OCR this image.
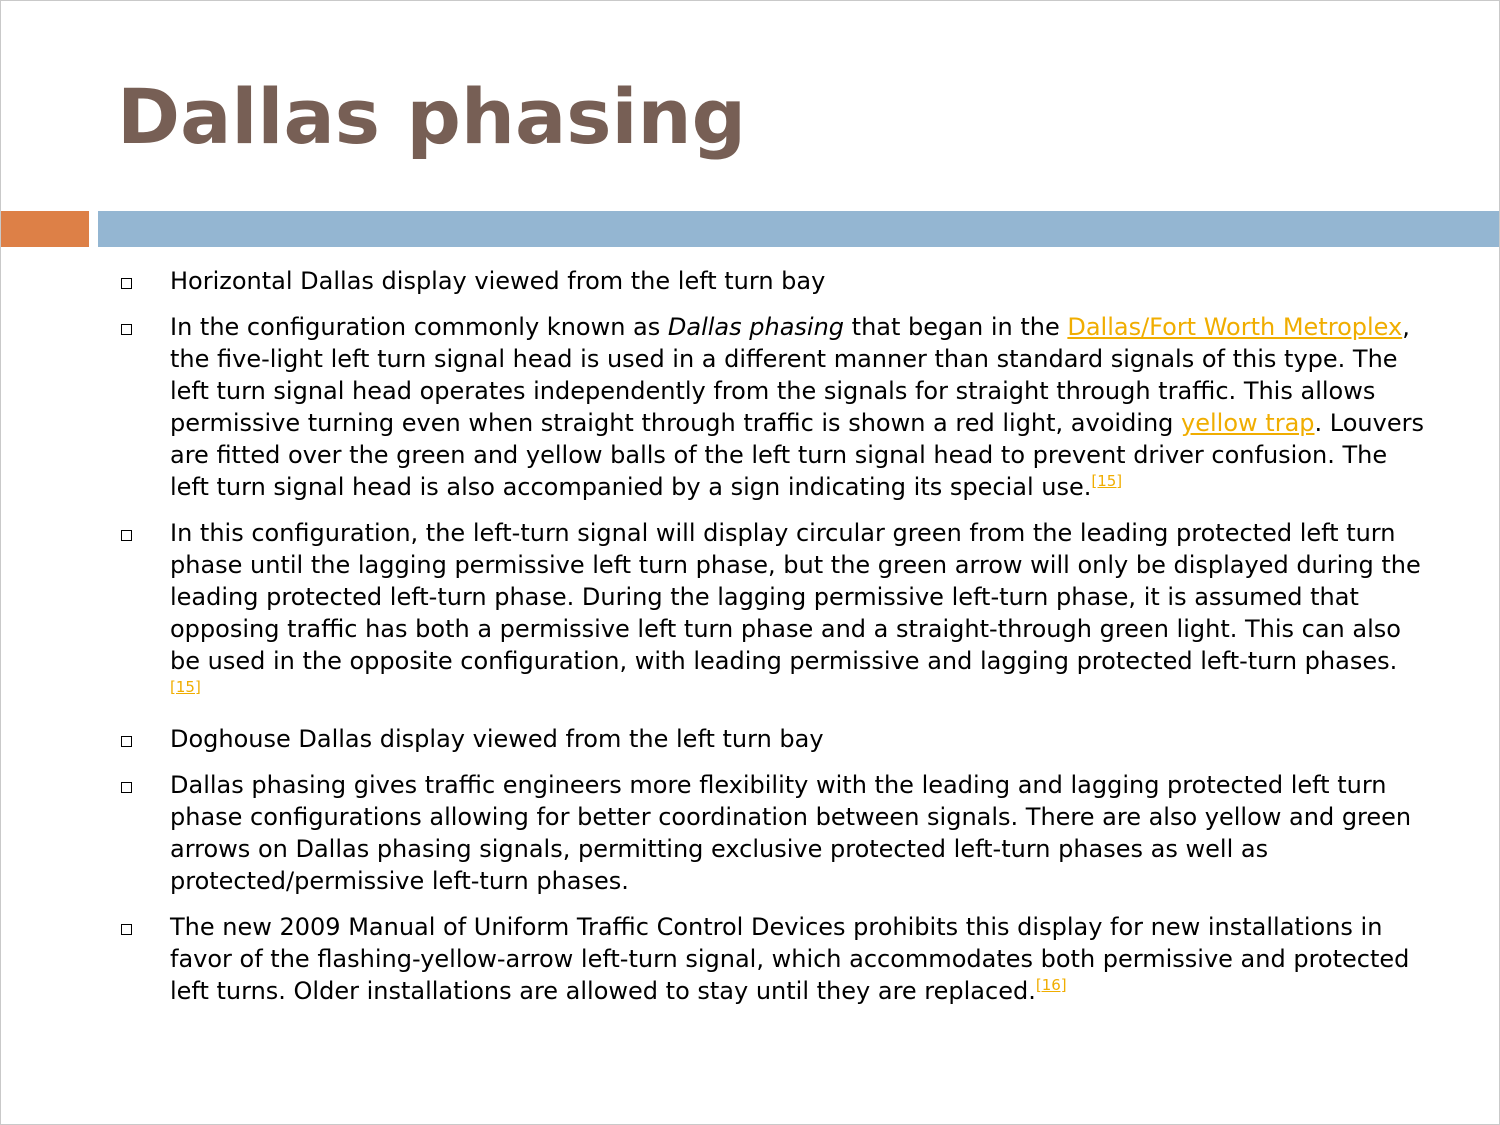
Dallas phasing
Horizontal Dallas display viewed from the left turn bay
In the configuration commonly known as Dallas phasing that began in the Dallas/Fort Worth Metroplex, the five-light left turn signal head is used in a different manner than standard signals of this type. The left turn signal head operates independently from the signals for straight through traffic. This allows permissive turning even when straight through traffic is shown a red light, avoiding yellow trap. Louvers are fitted over the green and yellow balls of the left turn signal head to prevent driver confusion. The left turn signal head is also accompanied by a sign indicating its special use.[15]
In this configuration, the left-turn signal will display circular green from the leading protected left turn phase until the lagging permissive left turn phase, but the green arrow will only be displayed during the leading protected left-turn phase. During the lagging permissive left-turn phase, it is assumed that opposing traffic has both a permissive left turn phase and a straight-through green light. This can also be used in the opposite configuration, with leading permissive and lagging protected left-turn phases.[15]
Doghouse Dallas display viewed from the left turn bay
Dallas phasing gives traffic engineers more flexibility with the leading and lagging protected left turn phase configurations allowing for better coordination between signals. There are also yellow and green arrows on Dallas phasing signals, permitting exclusive protected left-turn phases as well as protected/permissive left-turn phases.
The new 2009 Manual of Uniform Traffic Control Devices prohibits this display for new installations in favor of the flashing-yellow-arrow left-turn signal, which accommodates both permissive and protected left turns. Older installations are allowed to stay until they are replaced.[16]
